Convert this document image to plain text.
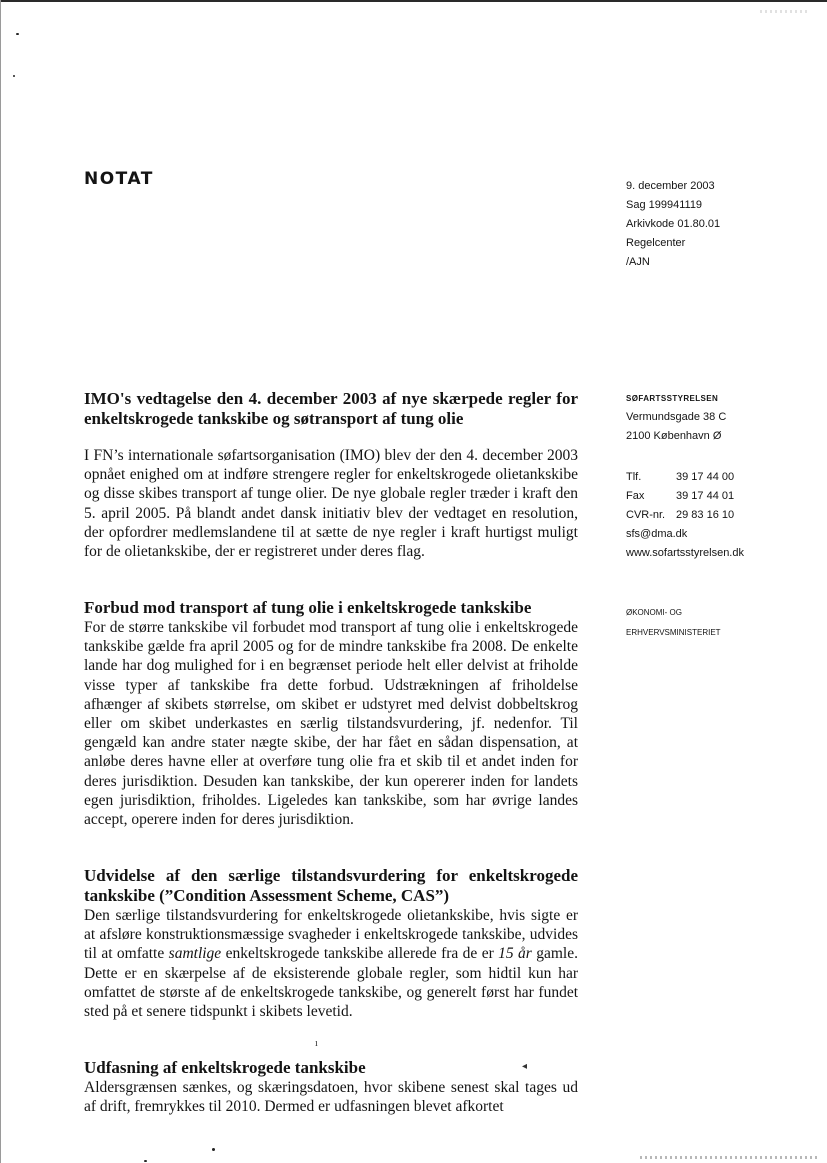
ı
◂
NOTAT	9. december 2003
Sag 199941119
Arkivkode 01.80.01
Regelcenter
/AJN
SØFARTSSTYRELSEN
Vermundsgade 38 C
2100 København Ø
Tlf.	39 17 44 00
Fax	39 17 44 01
CVR-nr. 29 83 16 10
sfs@dma.dk
www.sofartsstyrelsen.dk
ØKONOMI- OG
ERHVERVSMINISTERIET

IMO's vedtagelse den 4. december 2003 af nye skærpede regler for enkeltskrogede tankskibe og søtransport af tung olie

I FN’s internationale søfartsorganisation (IMO) blev der den 4. december 2003 opnået enighed om at indføre strengere regler for enkeltskrogede olietankskibe og disse skibes transport af tunge olier. De nye globale regler træder i kraft den 5. april 2005. På blandt andet dansk initiativ blev der vedtaget en resolution, der opfordrer medlemslandene til at sætte de nye regler i kraft hurtigst muligt for de olietankskibe, der er registreret under deres flag.

Forbud mod transport af tung olie i enkeltskrogede tankskibe

For de større tankskibe vil forbudet mod transport af tung olie i enkeltskrogede tankskibe gælde fra april 2005 og for de mindre tankskibe fra 2008. De enkelte lande har dog mulighed for i en begrænset periode helt eller delvist at friholde visse typer af tankskibe fra dette forbud. Udstrækningen af friholdelse afhænger af skibets størrelse, om skibet er udstyret med delvist dobbeltskrog eller om skibet underkastes en særlig tilstandsvurdering, jf. nedenfor. Til gengæld kan andre stater nægte skibe, der har fået en sådan dispensation, at anløbe deres havne eller at overføre tung olie fra et skib til et andet inden for deres jurisdiktion. Desuden kan tankskibe, der kun opererer inden for landets egen jurisdiktion, friholdes. Ligeledes kan tankskibe, som har øvrige landes accept, operere inden for deres jurisdiktion.

Udvidelse af den særlige tilstandsvurdering for enkeltskrogede tankskibe (”Condition Assessment Scheme, CAS”)

Den særlige tilstandsvurdering for enkeltskrogede olietankskibe, hvis sigte er at afsløre konstruktionsmæssige svagheder i enkeltskrogede tankskibe, udvides til at omfatte samtlige enkeltskrogede tankskibe allerede fra de er 15 år gamle. Dette er en skærpelse af de eksisterende globale regler, som hidtil kun har omfattet de største af de enkeltskrogede tankskibe, og generelt først har fundet sted på et senere tidspunkt i skibets levetid.

Udfasning af enkeltskrogede tankskibe

Aldersgrænsen sænkes, og skæringsdatoen, hvor skibene senest skal tages ud af drift, fremrykkes til 2010. Dermed er udfasningen blevet afkortet
